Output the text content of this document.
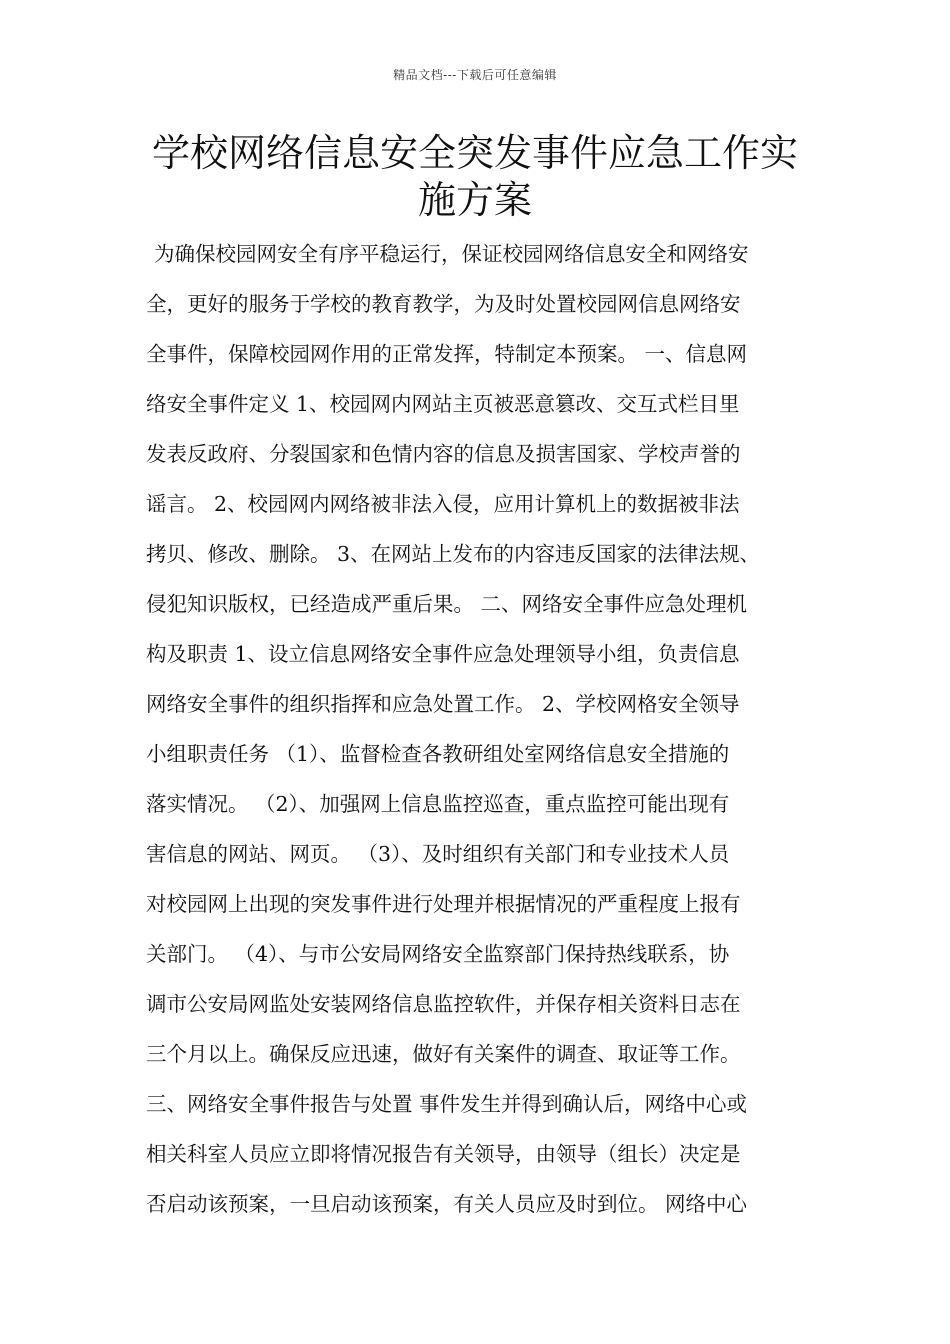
精品文档---下载后可任意编辑
学校网络信息安全突发事件应急工作实
施方案
为确保校园网安全有序平稳运行，保证校园网络信息安全和网络安
全，更好的服务于学校的教育教学，为及时处置校园网信息网络安
全事件，保障校园网作用的正常发挥，特制定本预案。 一、信息网
络安全事件定义 1、校园网内网站主页被恶意篡改、交互式栏目里
发表反政府、分裂国家和色情内容的信息及损害国家、学校声誉的
谣言。 2、校园网内网络被非法入侵，应用计算机上的数据被非法
拷贝、修改、删除。 3、在网站上发布的内容违反国家的法律法规、
侵犯知识版权，已经造成严重后果。 二、网络安全事件应急处理机
构及职责 1、设立信息网络安全事件应急处理领导小组，负责信息
网络安全事件的组织指挥和应急处置工作。 2、学校网格安全领导
小组职责任务 （1）、监督检查各教研组处室网络信息安全措施的
落实情况。 （2）、加强网上信息监控巡查，重点监控可能出现有
害信息的网站、网页。 （3）、及时组织有关部门和专业技术人员
对校园网上出现的突发事件进行处理并根据情况的严重程度上报有
关部门。 （4）、与市公安局网络安全监察部门保持热线联系，协
调市公安局网监处安装网络信息监控软件，并保存相关资料日志在
三个月以上。确保反应迅速，做好有关案件的调查、取证等工作。
三、网络安全事件报告与处置 事件发生并得到确认后，网络中心或
相关科室人员应立即将情况报告有关领导，由领导（组长）决定是
否启动该预案，一旦启动该预案，有关人员应及时到位。 网络中心
